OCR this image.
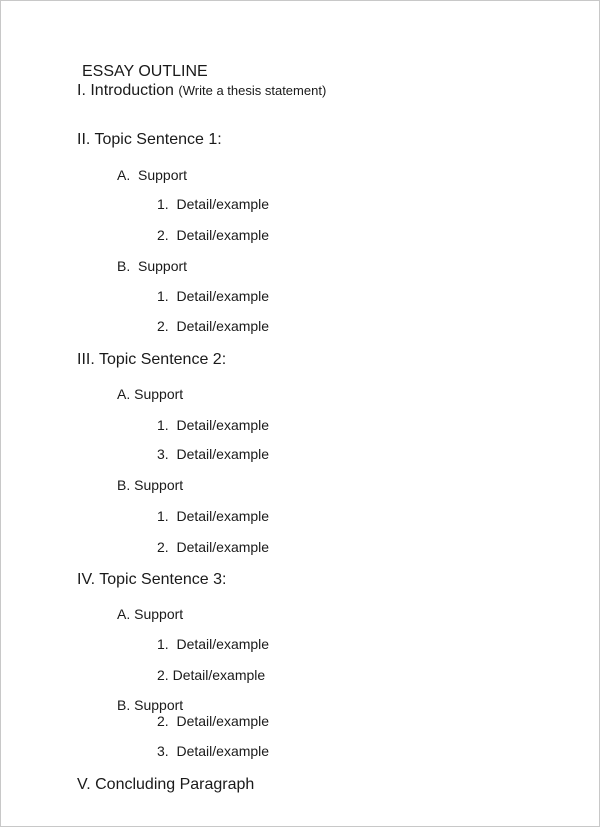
ESSAY OUTLINE
I. Introduction (Write a thesis statement)
II. Topic Sentence 1:
A. Support
1. Detail/example
2. Detail/example
B. Support
1. Detail/example
2. Detail/example
III. Topic Sentence 2:
A. Support
1. Detail/example
3. Detail/example
B. Support
1. Detail/example
2. Detail/example
IV. Topic Sentence 3:
A. Support
1. Detail/example
2. Detail/example
B. Support
2. Detail/example
3. Detail/example
V. Concluding Paragraph
